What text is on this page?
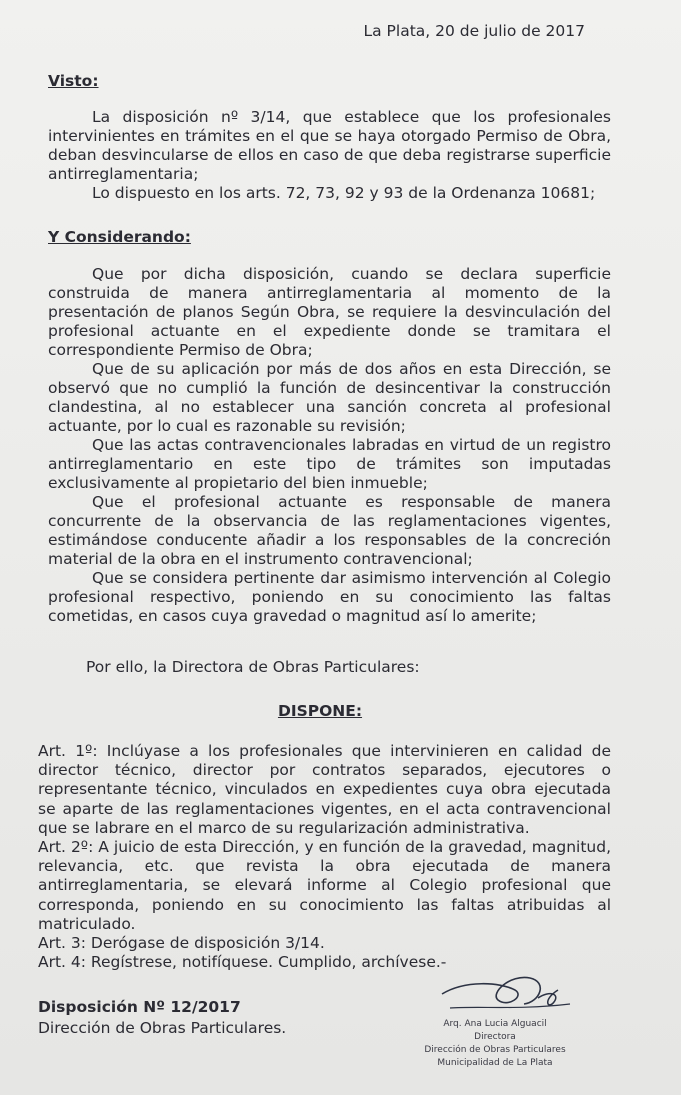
La Plata, 20 de julio de 2017
Visto:

La disposición nº 3/14, que establece que los profesionales intervinientes en trámites en el que se haya otorgado Permiso de Obra, deban desvincularse de ellos en caso de que deba registrarse superficie antirreglamentaria;

Lo dispuesto en los arts. 72, 73, 92 y 93 de la Ordenanza 10681;

Y Considerando:

Que por dicha disposición, cuando se declara superficie construida de manera antirreglamentaria al momento de la presentación de planos Según Obra, se requiere la desvinculación del profesional actuante en el expediente donde se tramitara el correspondiente Permiso de Obra;

Que de su aplicación por más de dos años en esta Dirección, se observó que no cumplió la función de desincentivar la construcción clandestina, al no establecer una sanción concreta al profesional actuante, por lo cual es razonable su revisión;

Que las actas contravencionales labradas en virtud de un registro antirreglamentario en este tipo de trámites son imputadas exclusivamente al propietario del bien inmueble;

Que el profesional actuante es responsable de manera concurrente de la observancia de las reglamentaciones vigentes, estimándose conducente añadir a los responsables de la concreción material de la obra en el instrumento contravencional;

Que se considera pertinente dar asimismo intervención al Colegio profesional respectivo, poniendo en su conocimiento las faltas cometidas, en casos cuya gravedad o magnitud así lo amerite;

Por ello, la Directora de Obras Particulares:
DISPONE:

Art. 1º: Inclúyase a los profesionales que intervinieren en calidad de director técnico, director por contratos separados, ejecutores o representante técnico, vinculados en expedientes cuya obra ejecutada se aparte de las reglamentaciones vigentes, en el acta contravencional que se labrare en el marco de su regularización administrativa.

Art. 2º: A juicio de esta Dirección, y en función de la gravedad, magnitud, relevancia, etc. que revista la obra ejecutada de manera antirreglamentaria, se elevará informe al Colegio profesional que corresponda, poniendo en su conocimiento las faltas atribuidas al matriculado.

Art. 3: Derógase de disposición 3/14.

Art. 4: Regístrese, notifíquese. Cumplido, archívese.-

Disposición Nº 12/2017
Dirección de Obras Particulares.	Arq. Ana Lucia Alguacil
Directora
Dirección de Obras Particulares
Municipalidad de La Plata
